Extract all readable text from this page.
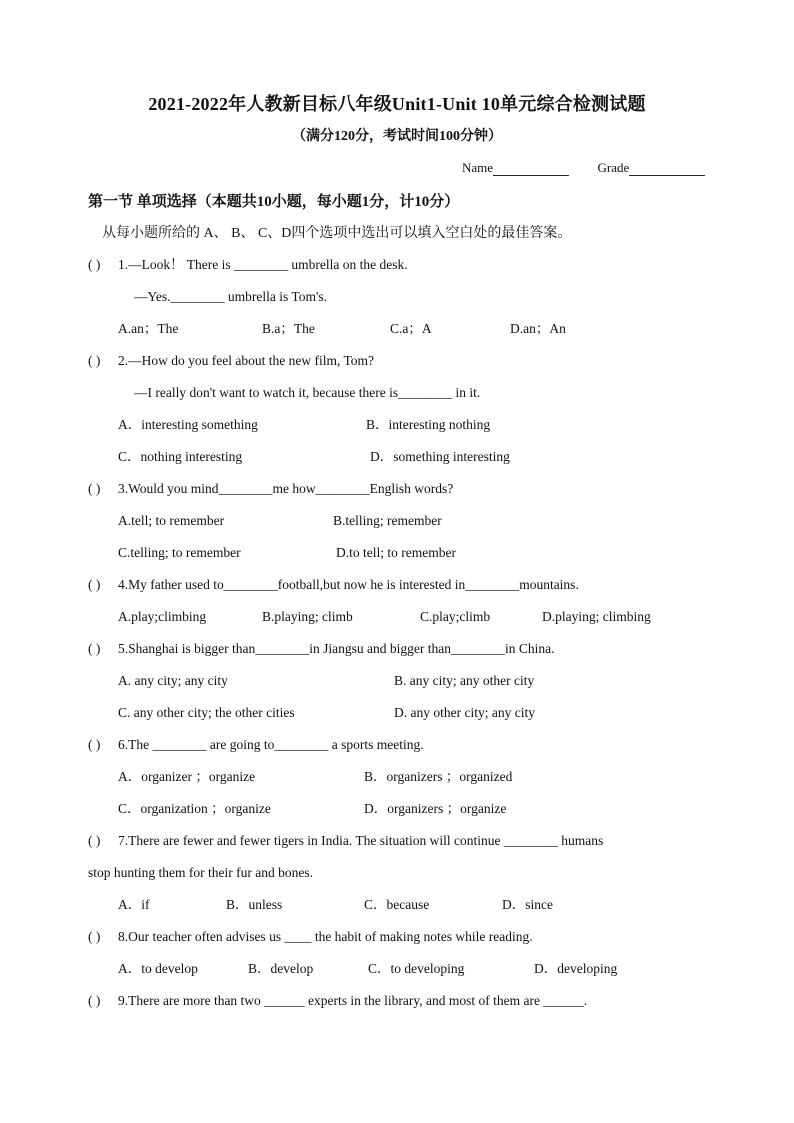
2021-2022年人教新目标八年级Unit1-Unit 10单元综合检测试题
（满分120分，考试时间100分钟）
Name	Grade
第一节 单项选择（本题共10小题，每小题1分，计10分）
从每小题所给的 A、 B、 C、D四个选项中选出可以填入空白处的最佳答案。
( ) 1.—Look！ There is ________ umbrella on the desk.
—Yes.________ umbrella is Tom's.
A.an；The	B.a；The	C.a；A	D.an；An
( ) 2.—How do you feel about the new film, Tom?
—I really don't want to watch it, because there is________ in it.
A．interesting something	B．interesting nothing
C．nothing interesting	D．something interesting
( ) 3.Would you mind________me how________English words?
A.tell; to remember	B.telling; remember
C.telling; to remember	D.to tell; to remember
( ) 4.My father used to________football,but now he is interested in________mountains.
A.play;climbing	B.playing; climb	C.play;climb	D.playing; climbing
( ) 5.Shanghai is bigger than________in Jiangsu and bigger than________in China.
A. any city; any city	B. any city; any other city
C. any other city; the other cities	D. any other city; any city
( ) 6.The ________ are going to________ a sports meeting.
A．organizer ；organize	B．organizers ；organized
C．organization ；organize	D．organizers ；organize
( ) 7.There are fewer and fewer tigers in India. The situation will continue ________ humans
stop hunting them for their fur and bones.
A．if	B．unless	C．because	D．since
( ) 8.Our teacher often advises us ____ the habit of making notes while reading.
A．to develop	B．develop	C．to developing	D．developing
( ) 9.There are more than two ______ experts in the library, and most of them are ______.
